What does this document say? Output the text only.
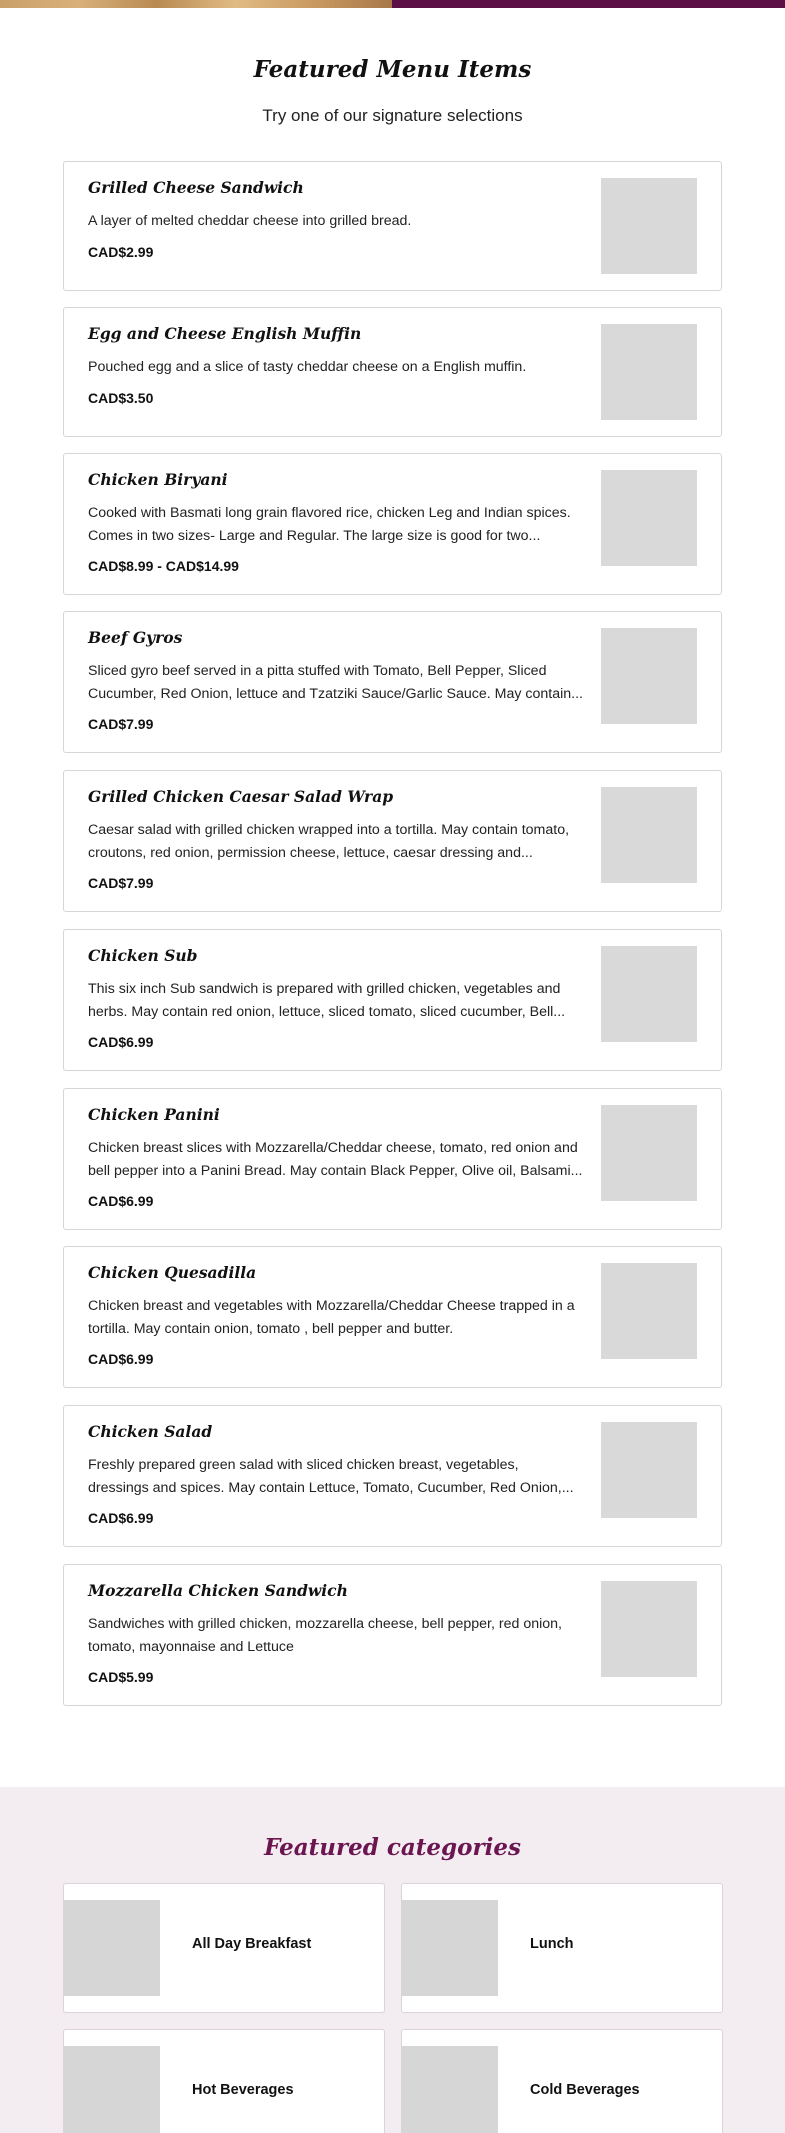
Featured Menu Items

Try one of our signature selections

Grilled Cheese Sandwich
A layer of melted cheddar cheese into grilled bread.
CAD$2.99
Egg and Cheese English Muffin
Pouched egg and a slice of tasty cheddar cheese on a English muffin.
CAD$3.50
Chicken Biryani
Cooked with Basmati long grain flavored rice, chicken Leg and Indian spices. Comes in two sizes- Large and Regular. The large size is good for two...
CAD$8.99 - CAD$14.99
Beef Gyros
Sliced gyro beef served in a pitta stuffed with Tomato, Bell Pepper, Sliced Cucumber, Red Onion, lettuce and Tzatziki Sauce/Garlic Sauce. May contain...
CAD$7.99
Grilled Chicken Caesar Salad Wrap
Caesar salad with grilled chicken wrapped into a tortilla. May contain tomato, croutons, red onion, permission cheese, lettuce, caesar dressing and...
CAD$7.99
Chicken Sub
This six inch Sub sandwich is prepared with grilled chicken, vegetables and herbs. May contain red onion, lettuce, sliced tomato, sliced cucumber, Bell...
CAD$6.99
Chicken Panini
Chicken breast slices with Mozzarella/Cheddar cheese, tomato, red onion and bell pepper into a Panini Bread. May contain Black Pepper, Olive oil, Balsami...
CAD$6.99
Chicken Quesadilla
Chicken breast and vegetables with Mozzarella/Cheddar Cheese trapped in a tortilla. May contain onion, tomato , bell pepper and butter.
CAD$6.99
Chicken Salad
Freshly prepared green salad with sliced chicken breast, vegetables, dressings and spices. May contain Lettuce, Tomato, Cucumber, Red Onion,...
CAD$6.99
Mozzarella Chicken Sandwich
Sandwiches with grilled chicken, mozzarella cheese, bell pepper, red onion, tomato, mayonnaise and Lettuce
CAD$5.99
Featured categories
All Day Breakfast	Lunch
Hot Beverages	Cold Beverages
